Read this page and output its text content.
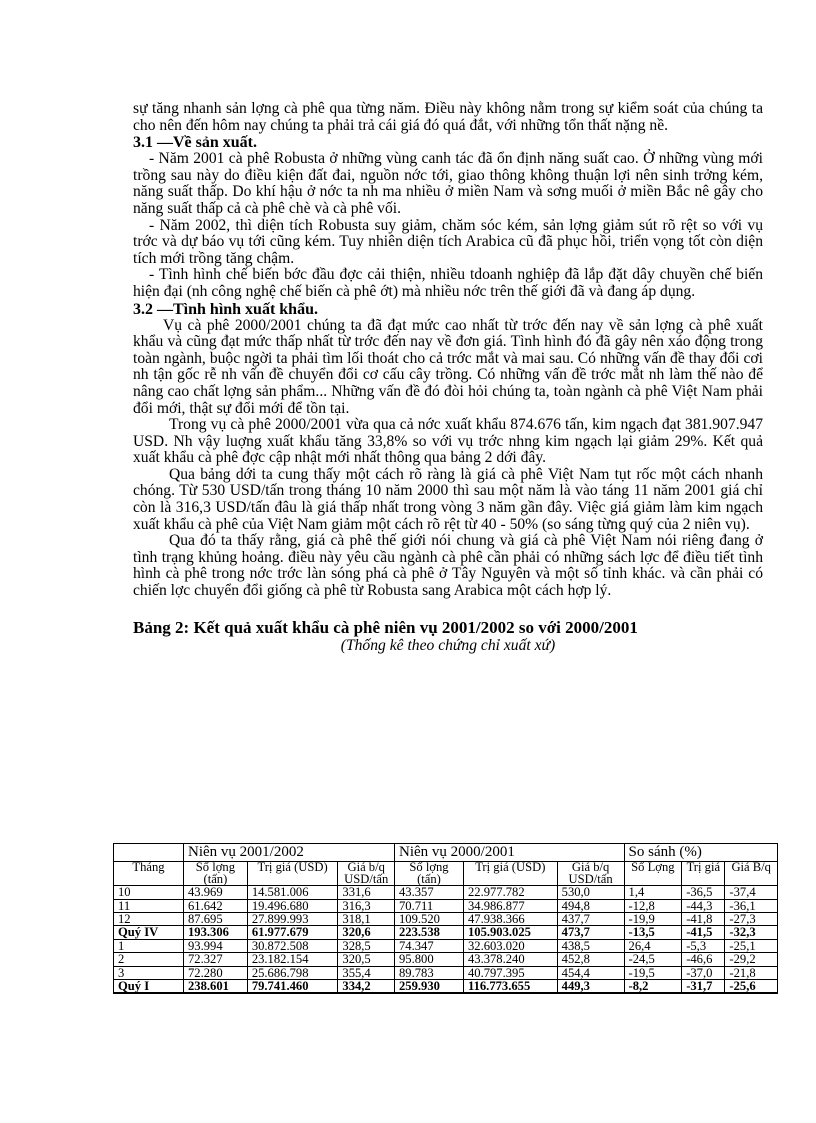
sự tăng nhanh sản lợng cà phê qua từng năm. Điều này không nằm trong sự kiểm soát của chúng ta cho nên đến hôm nay chúng ta phải trả cái giá đó quá đắt, với những tổn thất nặng nề.

3.1 —Về sản xuất.

- Năm 2001 cà phê Robusta ở những vùng canh tác đã ổn định năng suất cao. Ở những vùng mới trồng sau này do điều kiện đất đai, nguồn nớc tới, giao thông không thuận lợi nên sinh trởng kém, năng suất thấp. Do khí hậu ở nớc ta nh ma nhiều ở miền Nam và sơng muối ở miền Bắc nê gây cho năng suất thấp cả cà phê chè và cà phê vối.

- Năm 2002, thì diện tích Robusta suy giảm, chăm sóc kém, sản lợng giảm sút rõ rệt so với vụ trớc và dự báo vụ tới cũng kém. Tuy nhiên diện tích Arabica cũ đã phục hồi, triển vọng tốt còn diện tích mới trồng tăng chậm.

- Tình hình chế biến bớc đầu đợc cải thiện, nhiều tdoanh nghiệp đã lắp đặt dây chuyền chế biến hiện đại (nh công nghệ chế biến cà phê ớt) mà nhiều nớc trên thế giới đã và đang áp dụng.

3.2 —Tình hình xuất khẩu.

Vụ cà phê 2000/2001 chúng ta đã đạt mức cao nhất từ trớc đến nay về sản lợng cà phê xuất khẩu và cũng đạt mức thấp nhất từ trớc đến nay về đơn giá. Tình hình đó đã gây nên xáo động trong toàn ngành, buộc ngời ta phải tìm lối thoát cho cả trớc mắt và mai sau. Có những vấn đề thay đổi cơi nh tận gốc rễ nh vấn đề chuyển đổi cơ cấu cây trồng. Có những vấn đề trớc mắt nh làm thế nào để nâng cao chất lợng sản phẩm... Những vấn đề đó đòi hỏi chúng ta, toàn ngành cà phê Việt Nam phải đổi mới, thật sự đổi mới để tồn tại.

Trong vụ cà phê 2000/2001 vừa qua cả nớc xuất khẩu 874.676 tấn, kim ngạch đạt 381.907.947 USD. Nh vậy luợng xuất khẩu tăng 33,8% so với vụ trớc nhng kim ngạch lại giảm 29%. Kết quả xuất khẩu cà phê đợc cập nhật mới nhất thông qua bảng 2 dới đây.

Qua bảng dới ta cung thấy một cách rõ ràng là giá cà phê Việt Nam tụt rốc một cách nhanh chóng. Từ 530 USD/tấn trong tháng 10 năm 2000 thì sau một năm là vào táng 11 năm 2001 giá chỉ còn là 316,3 USD/tấn đâu là giá thấp nhất trong vòng 3 năm gần đây. Việc giá giảm làm kim ngạch xuất khẩu cà phê của Việt Nam giảm một cách rõ rệt từ 40 - 50% (so sáng từng quý của 2 niên vụ).

Qua đó ta thấy rằng, giá cà phê thế giới nói chung và giá cà phê Việt Nam nói riêng đang ở tình trạng khủng hoảng. điều này yêu cầu ngành cà phê cần phải có những sách lợc để điều tiết tình hình cà phê trong nớc trớc làn sóng phá cà phê ở Tây Nguyên và một số tỉnh khác. và cần phải có chiến lợc chuyển đổi giống cà phê từ Robusta sang Arabica một cách hợp lý.

Bảng 2: Kết quả xuất khẩu cà phê niên vụ 2001/2002 so với 2000/2001
(Thống kê theo chứng chỉ xuất xứ)
	Niên vụ 2001/2002			Niên vụ 2000/2001			So sánh (%)		
Tháng	Số lợng (tấn)	Trị giá (USD)	Giá b/q USD/tấn	Số lợng (tấn)	Trị giá (USD)	Giá b/q USD/tấn	Số Lợng	Trị giá	Giá B/q
10	43.969	14.581.006	331,6	43.357	22.977.782	530,0	1,4	-36,5	-37,4
11	61.642	19.496.680	316,3	70.711	34.986.877	494,8	-12,8	-44,3	-36,1
12	87.695	27.899.993	318,1	109.520	47.938.366	437,7	-19,9	-41,8	-27,3
Quý IV	193.306	61.977.679	320,6	223.538	105.903.025	473,7	-13,5	-41,5	-32,3
1	93.994	30.872.508	328,5	74.347	32.603.020	438,5	26,4	-5,3	-25,1
2	72.327	23.182.154	320,5	95.800	43.378.240	452,8	-24,5	-46,6	-29,2
3	72.280	25.686.798	355,4	89.783	40.797.395	454,4	-19,5	-37,0	-21,8
Quý I	238.601	79.741.460	334,2	259.930	116.773.655	449,3	-8,2	-31,7	-25,6
